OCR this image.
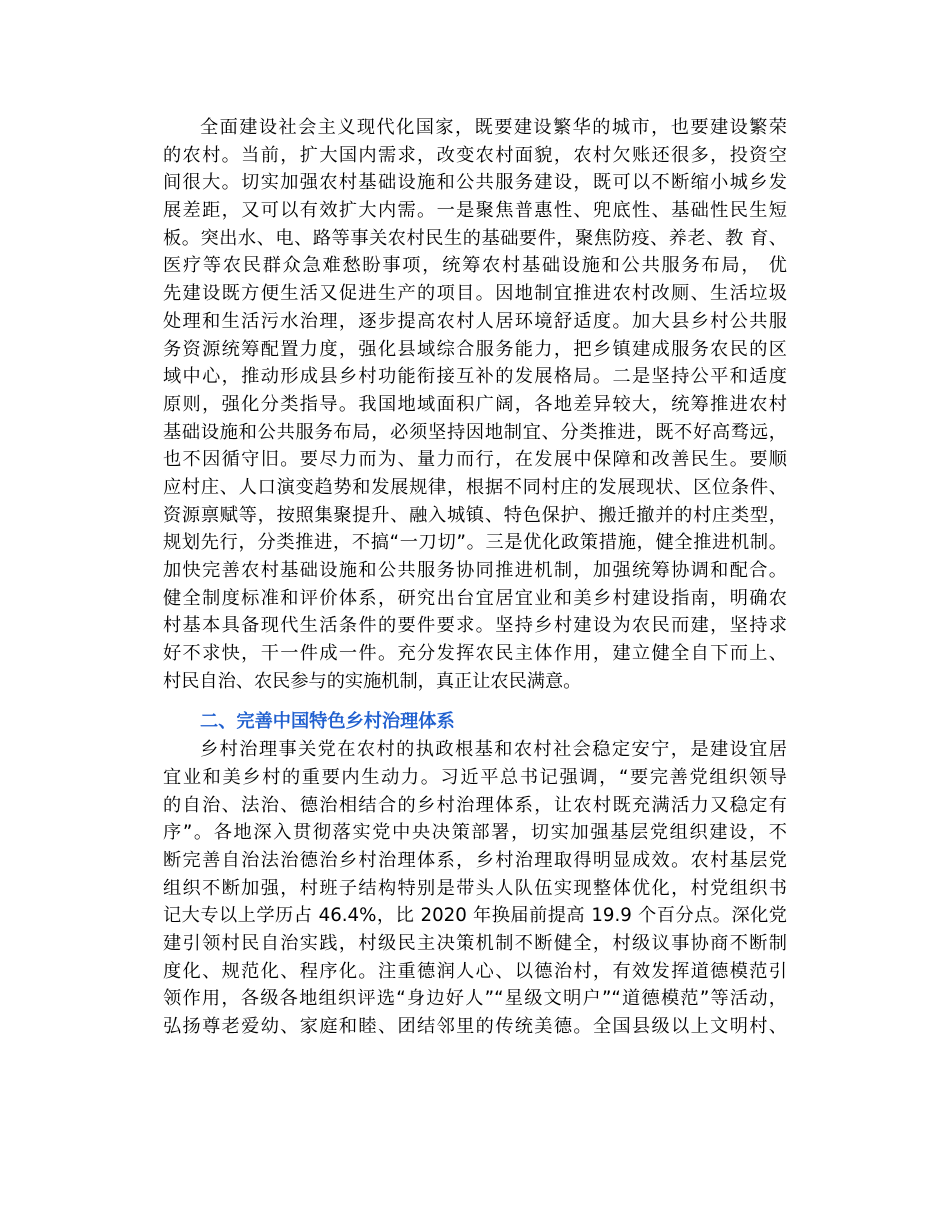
全面建设社会主义现代化国家，既要建设繁华的城市，也要建设繁荣
的农村。当前，扩大国内需求，改变农村面貌，农村欠账还很多，投资空
间很大。切实加强农村基础设施和公共服务建设，既可以不断缩小城乡发
展差距，又可以有效扩大内需。一是聚焦普惠性、兜底性、基础性民生短
板。突出水、电、路等事关农村民生的基础要件，聚焦防疫、养老、教 育、
医疗等农民群众急难愁盼事项，统筹农村基础设施和公共服务布局， 优
先建设既方便生活又促进生产的项目。因地制宜推进农村改厕、生活垃圾
处理和生活污水治理，逐步提高农村人居环境舒适度。加大县乡村公共服
务资源统筹配置力度，强化县域综合服务能力，把乡镇建成服务农民的区
域中心，推动形成县乡村功能衔接互补的发展格局。二是坚持公平和适度
原则，强化分类指导。我国地域面积广阔，各地差异较大，统筹推进农村
基础设施和公共服务布局，必须坚持因地制宜、分类推进，既不好高骛远，
也不因循守旧。要尽力而为、量力而行，在发展中保障和改善民生。要顺
应村庄、人口演变趋势和发展规律，根据不同村庄的发展现状、区位条件、
资源禀赋等，按照集聚提升、融入城镇、特色保护、搬迁撤并的村庄类型，
规划先行，分类推进，不搞“一刀切”。三是优化政策措施，健全推进机制。
加快完善农村基础设施和公共服务协同推进机制，加强统筹协调和配合。
健全制度标准和评价体系，研究出台宜居宜业和美乡村建设指南，明确农
村基本具备现代生活条件的要件要求。坚持乡村建设为农民而建，坚持求
好不求快，干一件成一件。充分发挥农民主体作用，建立健全自下而上、
村民自治、农民参与的实施机制，真正让农民满意。
二、完善中国特色乡村治理体系
乡村治理事关党在农村的执政根基和农村社会稳定安宁，是建设宜居
宜业和美乡村的重要内生动力。习近平总书记强调，“要完善党组织领导
的自治、法治、德治相结合的乡村治理体系，让农村既充满活力又稳定有
序”。各地深入贯彻落实党中央决策部署，切实加强基层党组织建设，不
断完善自治法治德治乡村治理体系，乡村治理取得明显成效。农村基层党
组织不断加强，村班子结构特别是带头人队伍实现整体优化，村党组织书
记大专以上学历占 46.4%，比 2020 年换届前提高 19.9 个百分点。深化党
建引领村民自治实践，村级民主决策机制不断健全，村级议事协商不断制
度化、规范化、程序化。注重德润人心、以德治村，有效发挥道德模范引
领作用，各级各地组织评选“身边好人”“星级文明户”“道德模范”等活动，
弘扬尊老爱幼、家庭和睦、团结邻里的传统美德。全国县级以上文明村、
